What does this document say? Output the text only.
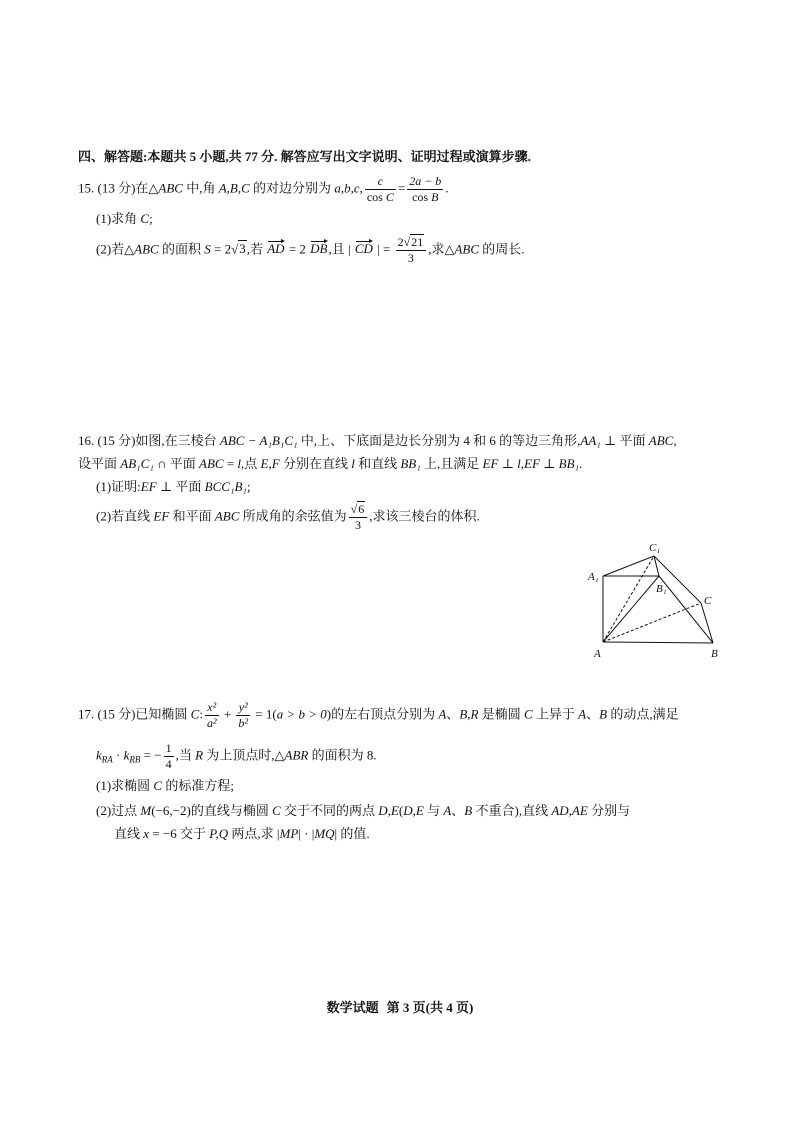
四、解答题:本题共 5 小题,共 77 分. 解答应写出文字说明、证明过程或演算步骤.
15. (13 分)在△ABC 中,角 A,B,C 的对边分别为 a,b,c, $\frac{c}{\text{cos C}} = \frac{2a - b}{\text{cos B}}$ .
(1)求角 C;
(2)若△ABC 的面积 S = 2√3,若 AD = 2 DB,且 | CD | = $\frac{2√21}{3}$ ,求△ABC 的周长.
16. (15 分)如图,在三棱台 ABC − A₁B₁C₁ 中,上、下底面是边长分别为 4 和 6 的等边三角形,AA₁ ⊥ 平面 ABC,
设平面 AB₁C₁ ∩ 平面 ABC = l,点 E,F 分别在直线 l 和直线 BB₁ 上,且满足 EF ⊥ l,EF ⊥ BB₁.
(1)证明:EF ⊥ 平面 BCC₁B₁;
(2)若直线 EF 和平面 ABC 所成角的余弦值为 $\frac{√6}{3}$ ,求该三棱台的体积.
C₁
A₁
B₁
C
A	B
17. (15 分)已知椭圆 C: $\frac{\text{x²}}{\text{a²}} + \frac{\text{y²}}{\text{b²}} = 1(a > b > 0)$的左右顶点分别为 A、B,R 是椭圆 C 上异于 A、B 的动点,满足
$k_{RA} \cdot k_{RB}$ = − $\frac{1}{4}$ ,当 R 为上顶点时,△ABR 的面积为 8.
(1)求椭圆 C 的标准方程;
(2)过点 M(−6,−2)的直线与椭圆 C 交于不同的两点 D,E(D,E 与 A、B 不重合),直线 AD,AE 分别与
直线 x = −6 交于 P,Q 两点,求 |MP| · |MQ| 的值.
数学试题 第 3 页(共 4 页)
